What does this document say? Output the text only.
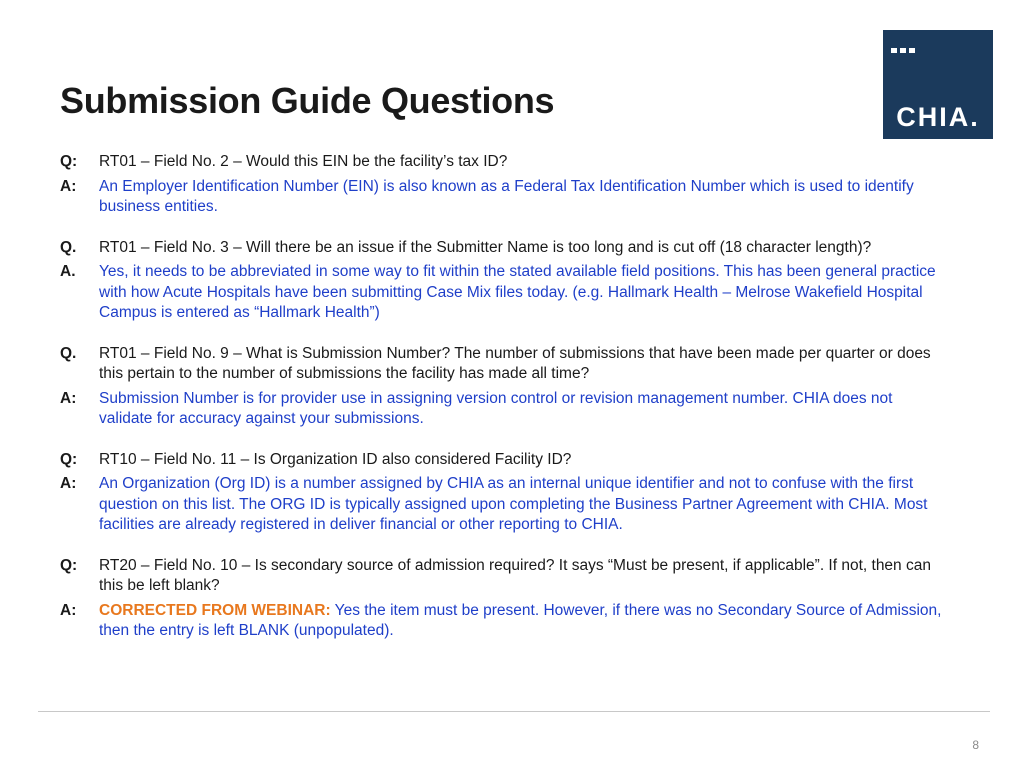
Submission Guide Questions	CHIA.
Q:	RT01 – Field No. 2 – Would this EIN be the facility’s tax ID?
A:	An Employer Identification Number (EIN) is also known as a Federal Tax Identification Number which is used to identify business entities.
Q.	RT01 – Field No. 3 – Will there be an issue if the Submitter Name is too long and is cut off (18 character length)?
A.	Yes, it needs to be abbreviated in some way to fit within the stated available field positions. This has been general practice with how Acute Hospitals have been submitting Case Mix files today. (e.g. Hallmark Health – Melrose Wakefield Hospital Campus is entered as “Hallmark Health”)
Q.	RT01 – Field No. 9 – What is Submission Number? The number of submissions that have been made per quarter or does this pertain to the number of submissions the facility has made all time?
A:	Submission Number is for provider use in assigning version control or revision management number. CHIA does not validate for accuracy against your submissions.
Q:	RT10 – Field No. 11 – Is Organization ID also considered Facility ID?
A:	An Organization (Org ID) is a number assigned by CHIA as an internal unique identifier and not to confuse with the first question on this list. The ORG ID is typically assigned upon completing the Business Partner Agreement with CHIA. Most facilities are already registered in deliver financial or other reporting to CHIA.
Q:	RT20 – Field No. 10 – Is secondary source of admission required? It says “Must be present, if applicable”. If not, then can this be left blank?
A:	CORRECTED FROM WEBINAR: Yes the item must be present. However, if there was no Secondary Source of Admission, then the entry is left BLANK (unpopulated).
8
